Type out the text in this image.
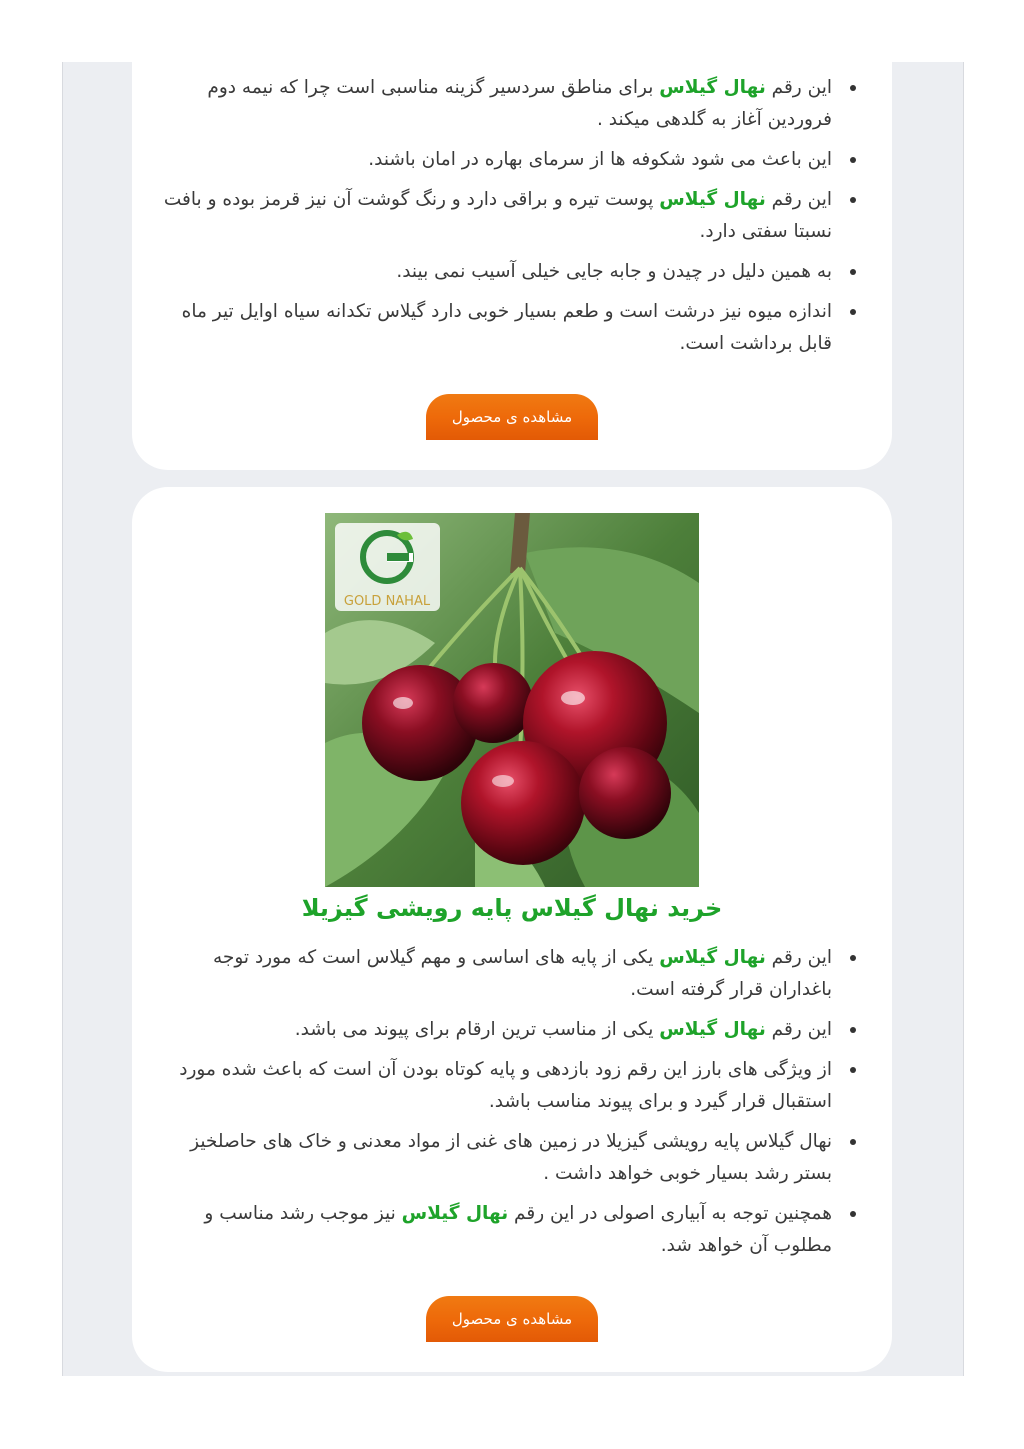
این رقم نهال گیلاس برای مناطق سردسیر گزینه مناسبی است چرا که نیمه دوم فروردین آغاز به گلدهی میکند .
این باعث می شود شکوفه ها از سرمای بهاره در امان باشند.
این رقم نهال گیلاس پوست تیره و براقی دارد و رنگ گوشت آن نیز قرمز بوده و بافت نسبتا سفتی دارد.
به همین دلیل در چیدن و جابه جایی خیلی آسیب نمی بیند.
اندازه میوه نیز درشت است و طعم بسیار خوبی دارد گیلاس تکدانه سیاه اوایل تیر ماه قابل برداشت است.
مشاهده ی محصول
GOLD NAHAL
خرید نهال گیلاس پایه رویشی گیزیلا
این رقم نهال گیلاس یکی از پایه های اساسی و مهم گیلاس است که مورد توجه باغداران قرار گرفته است.
این رقم نهال گیلاس یکی از مناسب ترین ارقام برای پیوند می باشد.
از ویژگی های بارز این رقم زود بازدهی و پایه کوتاه بودن آن است که باعث شده مورد استقبال قرار گیرد و برای پیوند مناسب باشد.
نهال گیلاس پایه رویشی گیزیلا در زمین های غنی از مواد معدنی و خاک های حاصلخیز بستر رشد بسیار خوبی خواهد داشت .
همچنین توجه به آبیاری اصولی در این رقم نهال گیلاس نیز موجب رشد مناسب و مطلوب آن خواهد شد.
مشاهده ی محصول
